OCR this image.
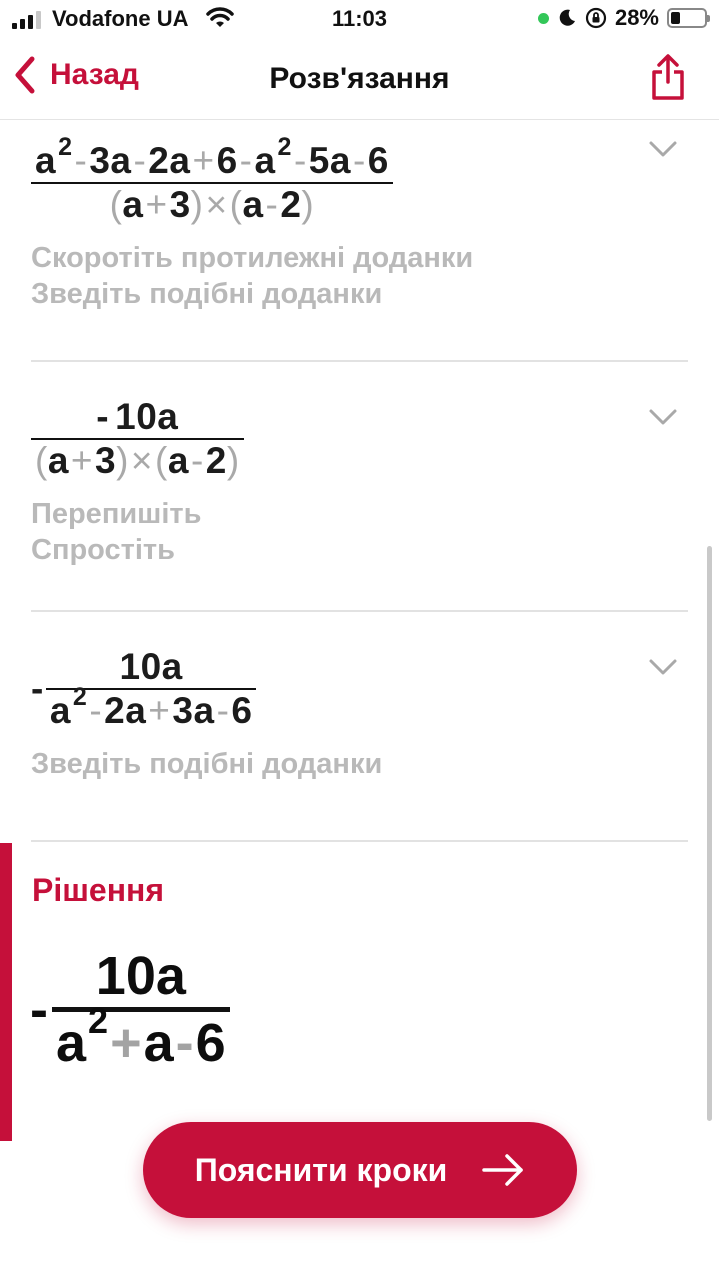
Vodafone UA	11:03	28%
Назад	Розв'язання
a 2 - 3a - 2a + 6 - a 2 - 5a - 6
( a + 3 ) × ( a - 2 )
Скоротіть протилежні доданки
Зведіть подібні доданки
- 10a
( a + 3 ) × ( a - 2 )
Перепишіть
Спростіть
-
10a
a 2 - 2a + 3a - 6
Зведіть подібні доданки
Рішення
-
10a
a 2 + a - 6
Пояснити кроки
